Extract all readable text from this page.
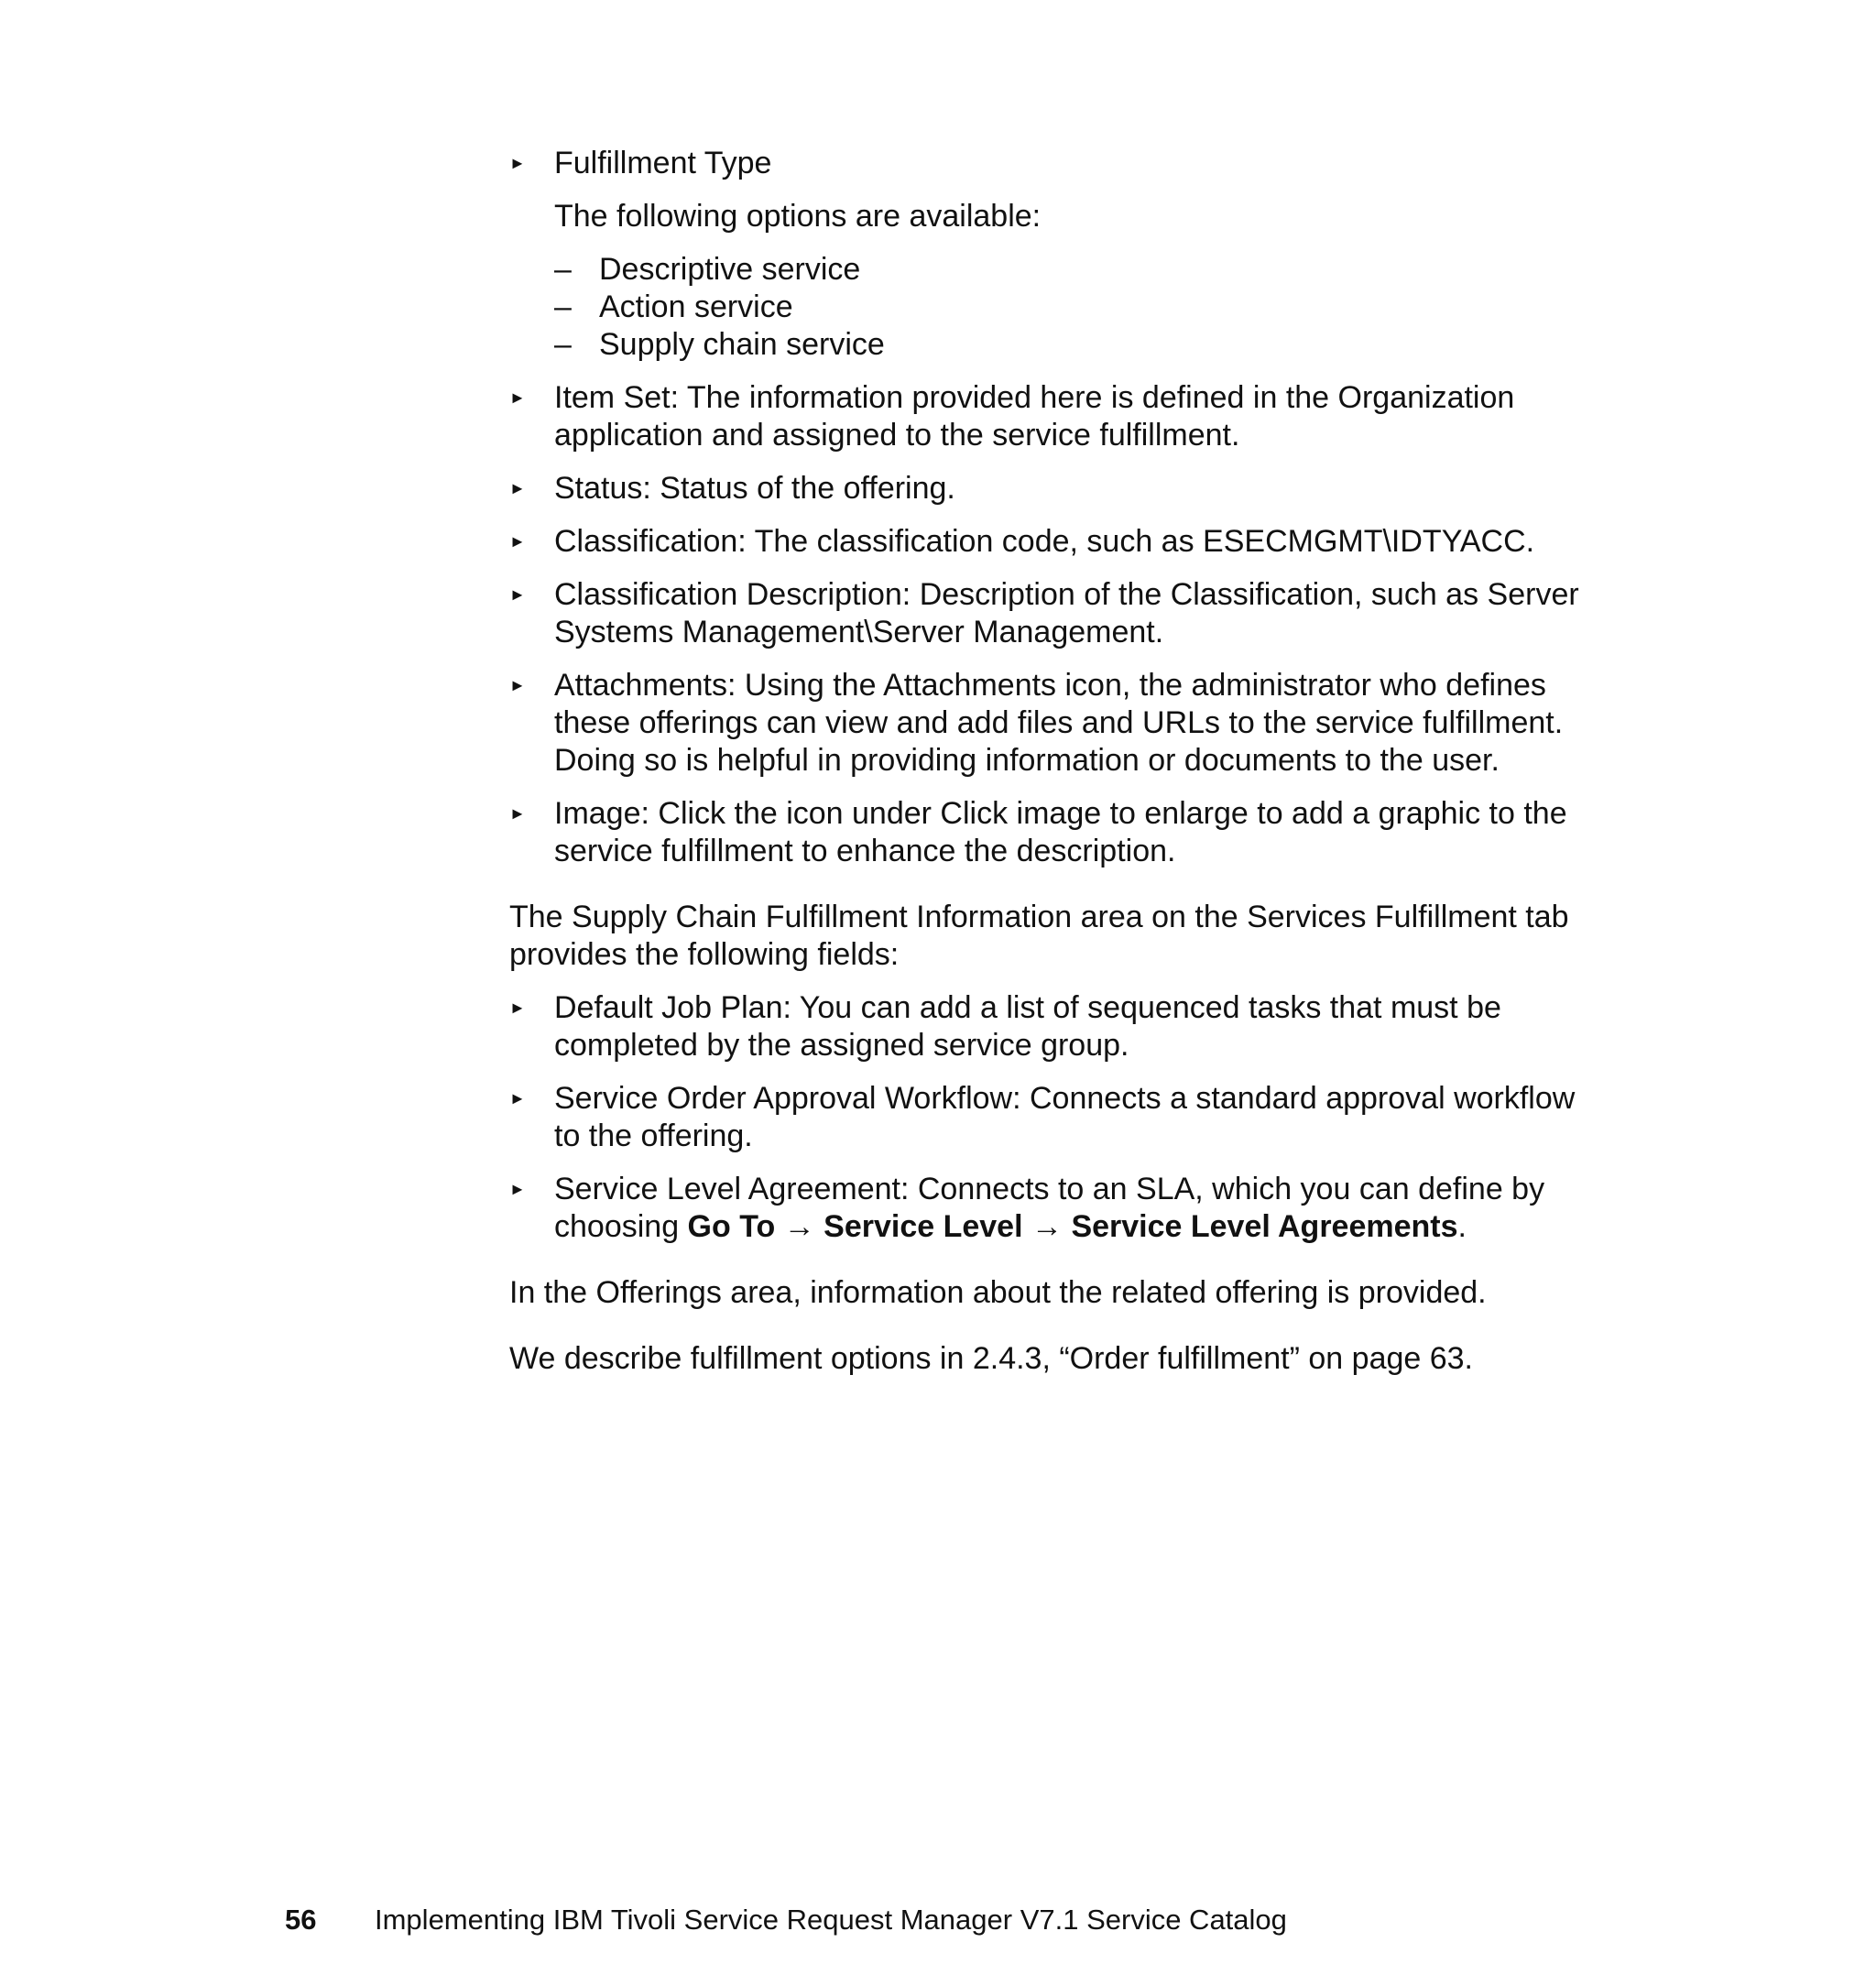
► Fulfillment Type
The following options are available:
– Descriptive service
– Action service
– Supply chain service
► Item Set: The information provided here is defined in the Organization application and assigned to the service fulfillment.
► Status: Status of the offering.
► Classification: The classification code, such as ESECMGMT\IDTYACC.
► Classification Description: Description of the Classification, such as Server Systems Management\Server Management.
► Attachments: Using the Attachments icon, the administrator who defines these offerings can view and add files and URLs to the service fulfillment. Doing so is helpful in providing information or documents to the user.
► Image: Click the icon under Click image to enlarge to add a graphic to the service fulfillment to enhance the description.

The Supply Chain Fulfillment Information area on the Services Fulfillment tab provides the following fields:

► Default Job Plan: You can add a list of sequenced tasks that must be completed by the assigned service group.
► Service Order Approval Workflow: Connects a standard approval workflow to the offering.
► Service Level Agreement: Connects to an SLA, which you can define by choosing Go To → Service Level → Service Level Agreements.

In the Offerings area, information about the related offering is provided.

We describe fulfillment options in 2.4.3, “Order fulfillment” on page 63.

56 Implementing IBM Tivoli Service Request Manager V7.1 Service Catalog
